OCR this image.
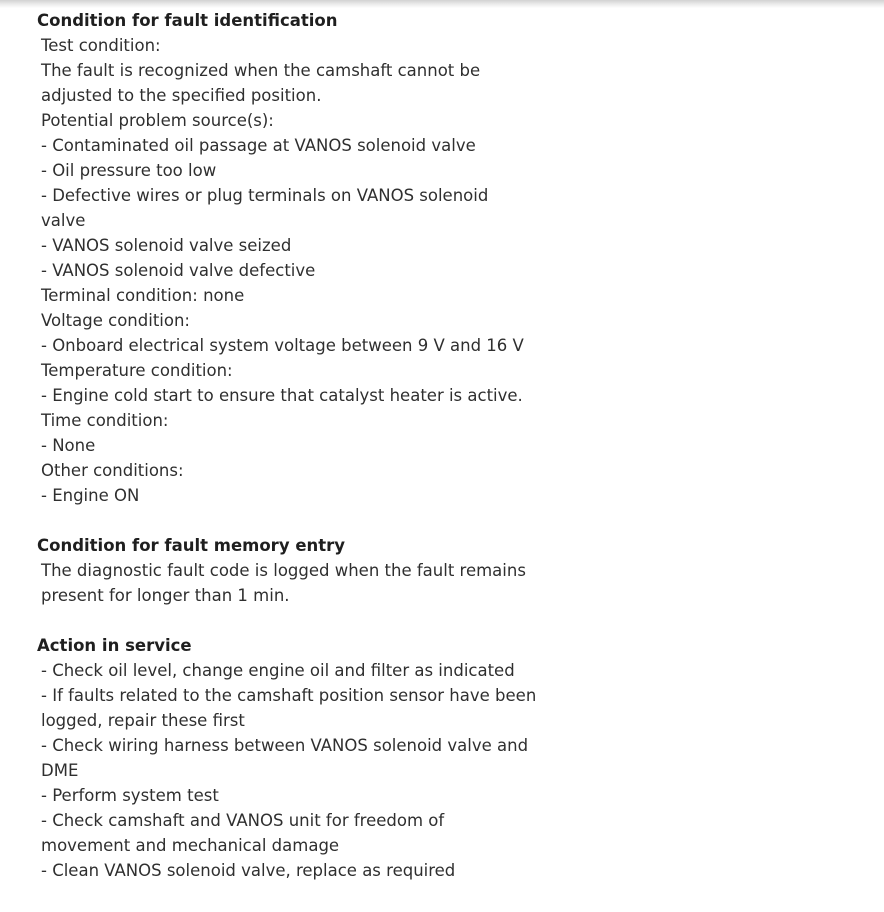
Condition for fault identification
Test condition:
The fault is recognized when the camshaft cannot be
adjusted to the specified position.
Potential problem source(s):
- Contaminated oil passage at VANOS solenoid valve
- Oil pressure too low
- Defective wires or plug terminals on VANOS solenoid
valve
- VANOS solenoid valve seized
- VANOS solenoid valve defective
Terminal condition: none
Voltage condition:
- Onboard electrical system voltage between 9 V and 16 V
Temperature condition:
- Engine cold start to ensure that catalyst heater is active.
Time condition:
- None
Other conditions:
- Engine ON
Condition for fault memory entry
The diagnostic fault code is logged when the fault remains
present for longer than 1 min.
Action in service
- Check oil level, change engine oil and filter as indicated
- If faults related to the camshaft position sensor have been
logged, repair these first
- Check wiring harness between VANOS solenoid valve and
DME
- Perform system test
- Check camshaft and VANOS unit for freedom of
movement and mechanical damage
- Clean VANOS solenoid valve, replace as required
